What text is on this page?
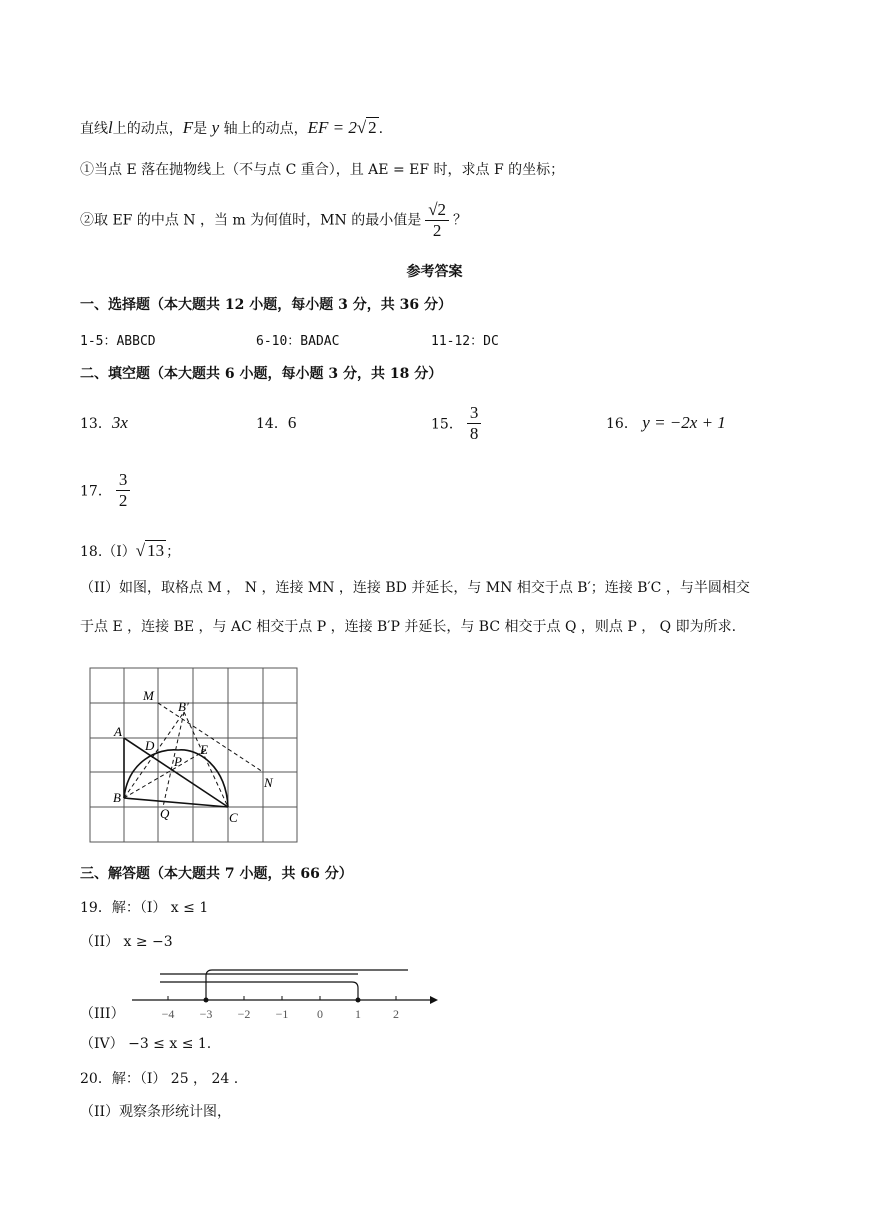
直线l上的动点，F是 y 轴上的动点，EF = 2√ 2 .
①当点 E 落在抛物线上（不与点 C 重合），且 AE = EF 时，求点 F 的坐标；
②取 EF 的中点 N ，当 m 为何值时，MN 的最小值是 $\frac{√2}{2}$ ？
参考答案
一、选择题（本大题共 12 小题，每小题 3 分，共 36 分）
1-5：ABBCD	6-10：BADAC	11-12：DC
二、填空题（本大题共 6 小题，每小题 3 分，共 18 分）
13．3x	14．6	15． $\frac{3}{8}$	16． y = −2x + 1
17． $\frac{3}{2}$
18.（I）√ 13 ；
（II）如图，取格点 M ， N ，连接 MN ，连接 BD 并延长，与 MN 相交于点 B′；连接 B′C ，与半圆相交
于点 E ，连接 BE ，与 AC 相交于点 P ，连接 B′P 并延长，与 BC 相交于点 Q ，则点 P ， Q 即为所求.
M
B′
A
D	E
P
N
B
Q	C
三、解答题（本大题共 7 小题，共 66 分）
19．解：（I） x ≤ 1
（II） x ≥ −3
−4 −3 −2 −1 0	1	2
（III）
（IV） −3 ≤ x ≤ 1.
20．解：（I） 25 ， 24 .
（II）观察条形统计图，
